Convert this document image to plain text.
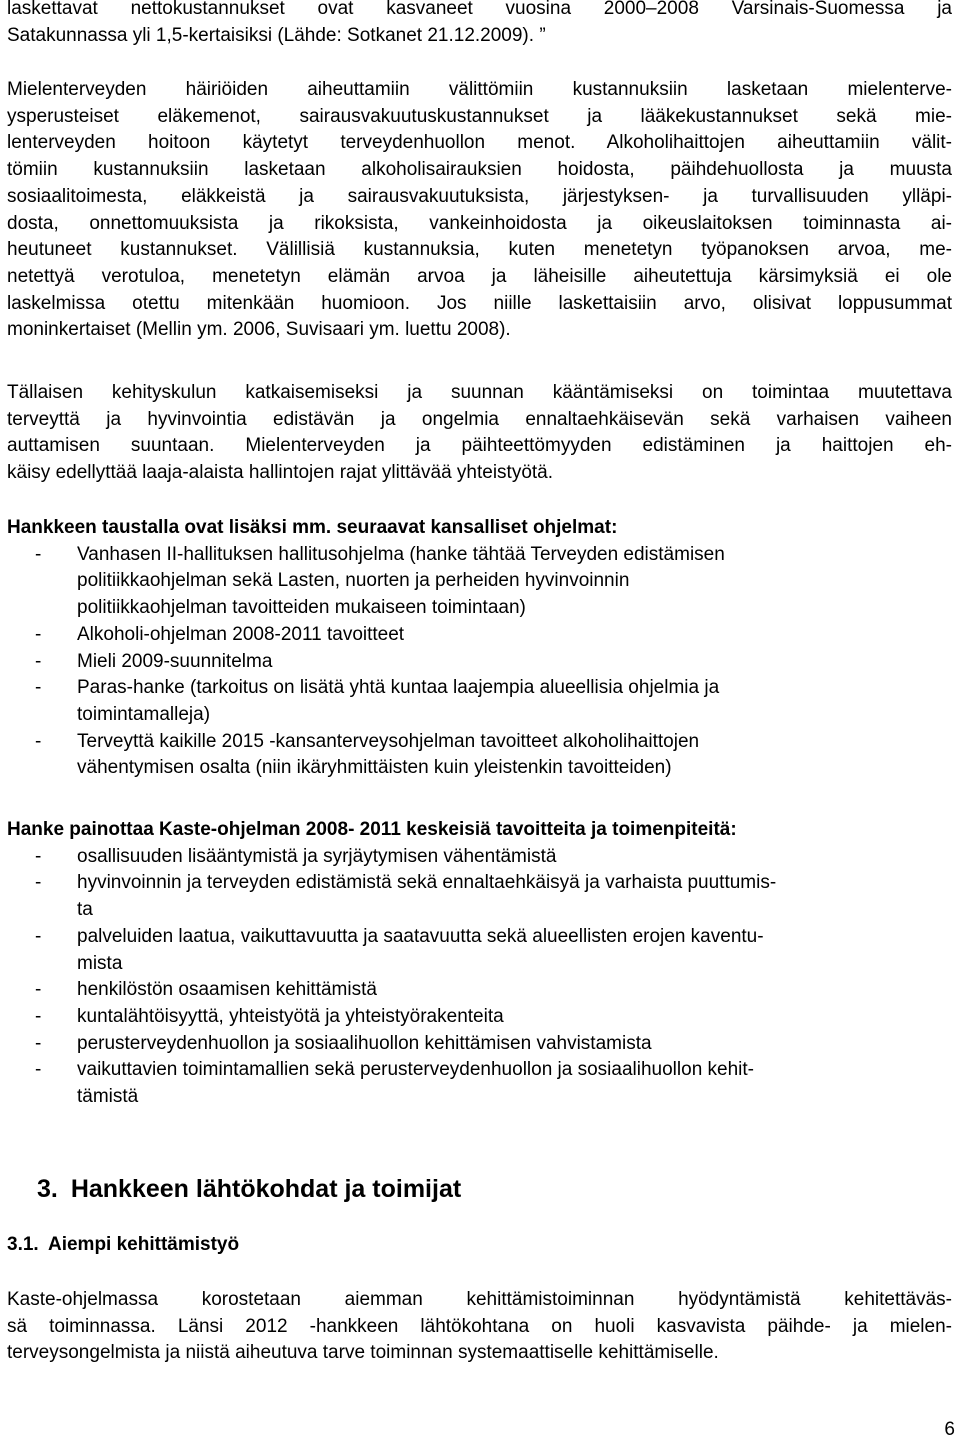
laskettavat nettokustannukset ovat kasvaneet vuosina 2000–2008 Varsinais-Suomessa ja
Satakunnassa yli 1,5-kertaisiksi (Lähde: Sotkanet 21.12.2009). ”

Mielenterveyden häiriöiden aiheuttamiin välittömiin kustannuksiin lasketaan mielenterve-
ysperusteiset eläkemenot, sairausvakuutuskustannukset ja lääkekustannukset sekä mie-
lenterveyden hoitoon käytetyt terveydenhuollon menot. Alkoholihaittojen aiheuttamiin välit-
tömiin kustannuksiin lasketaan alkoholisairauksien hoidosta, päihdehuollosta ja muusta
sosiaalitoimesta, eläkkeistä ja sairausvakuutuksista, järjestyksen- ja turvallisuuden ylläpi-
dosta, onnettomuuksista ja rikoksista, vankeinhoidosta ja oikeuslaitoksen toiminnasta ai-
heutuneet kustannukset. Välillisiä kustannuksia, kuten menetetyn työpanoksen arvoa, me-
netettyä verotuloa, menetetyn elämän arvoa ja läheisille aiheutettuja kärsimyksiä ei ole
laskelmissa otettu mitenkään huomioon. Jos niille laskettaisiin arvo, olisivat loppusummat
moninkertaiset (Mellin ym. 2006, Suvisaari ym. luettu 2008).

Tällaisen kehityskulun katkaisemiseksi ja suunnan kääntämiseksi on toimintaa muutettava
terveyttä ja hyvinvointia edistävän ja ongelmia ennaltaehkäisevän sekä varhaisen vaiheen
auttamisen suuntaan. Mielenterveyden ja päihteettömyyden edistäminen ja haittojen eh-
käisy edellyttää laaja-alaista hallintojen rajat ylittävää yhteistyötä.

Hankkeen taustalla ovat lisäksi mm. seuraavat kansalliset ohjelmat:

- Vanhasen II-hallituksen hallitusohjelma (hanke tähtää Terveyden edistämisen
politiikkaohjelman sekä Lasten, nuorten ja perheiden hyvinvoinnin
politiikkaohjelman tavoitteiden mukaiseen toimintaan)
- Alkoholi-ohjelman 2008-2011 tavoitteet
- Mieli 2009-suunnitelma
- Paras-hanke (tarkoitus on lisätä yhtä kuntaa laajempia alueellisia ohjelmia ja
toimintamalleja)
- Terveyttä kaikille 2015 -kansanterveysohjelman tavoitteet alkoholihaittojen
vähentymisen osalta (niin ikäryhmittäisten kuin yleistenkin tavoitteiden)

Hanke painottaa Kaste-ohjelman 2008- 2011 keskeisiä tavoitteita ja toimenpiteitä:

- osallisuuden lisääntymistä ja syrjäytymisen vähentämistä
- hyvinvoinnin ja terveyden edistämistä sekä ennaltaehkäisyä ja varhaista puuttumis-
ta
- palveluiden laatua, vaikuttavuutta ja saatavuutta sekä alueellisten erojen kaventu-
mista
- henkilöstön osaamisen kehittämistä
- kuntalähtöisyyttä, yhteistyötä ja yhteistyörakenteita
- perusterveydenhuollon ja sosiaalihuollon kehittämisen vahvistamista
- vaikuttavien toimintamallien sekä perusterveydenhuollon ja sosiaalihuollon kehit-
tämistä
3. Hankkeen lähtökohdat ja toimijat
3.1. Aiempi kehittämistyö

Kaste-ohjelmassa korostetaan aiemman kehittämistoiminnan hyödyntämistä kehitettäväs-
sä toiminnassa. Länsi 2012 -hankkeen lähtökohtana on huoli kasvavista päihde- ja mielen-
terveysongelmista ja niistä aiheutuva tarve toiminnan systemaattiselle kehittämiselle.

6
